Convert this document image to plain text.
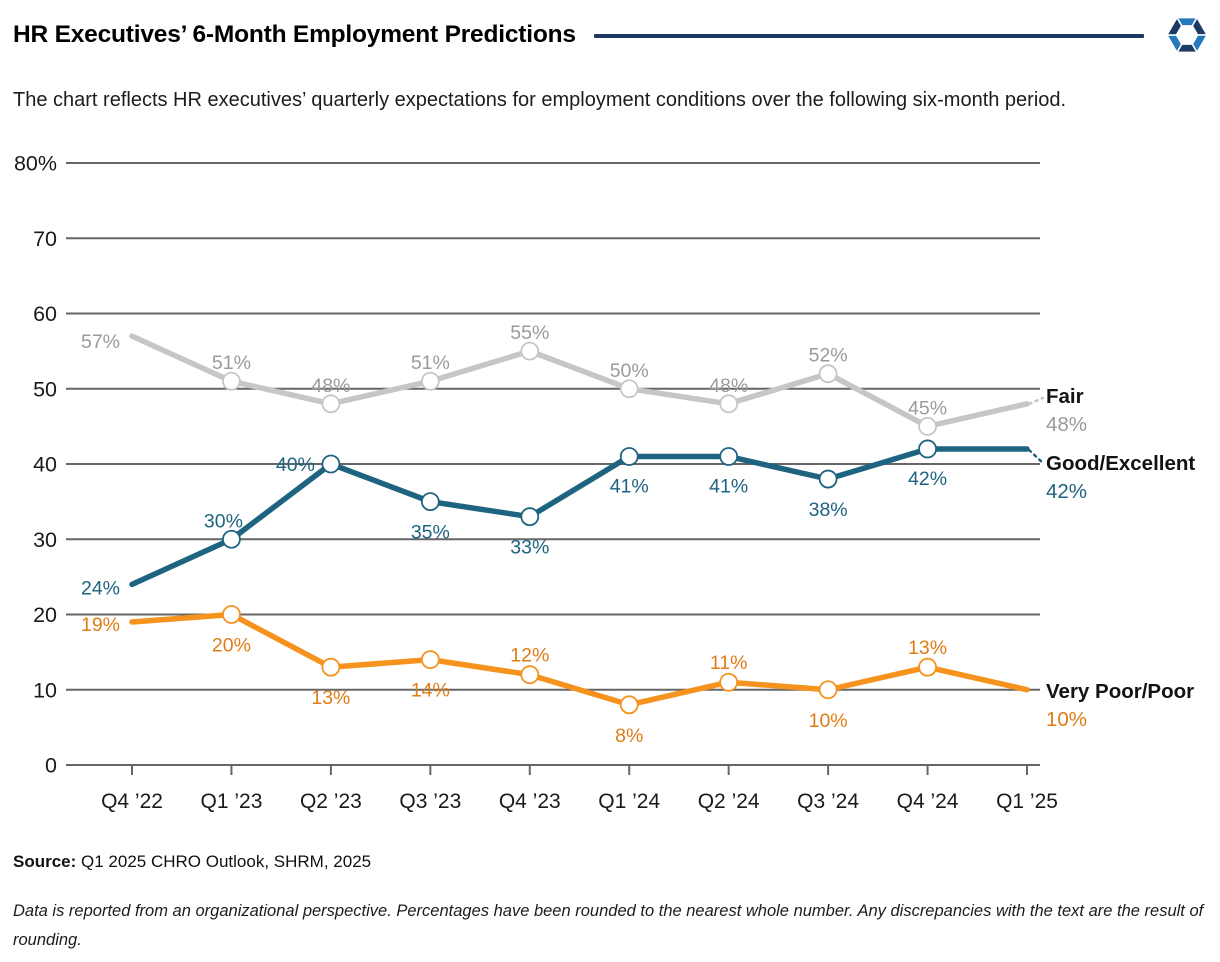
HR Executives’ 6-Month Employment Predictions
The chart reflects HR executives’ quarterly expectations for employment conditions over the following six-month period.
0
10
20
30
40
50
60
70
80%
Q4 ’22 Q1 ’23 Q2 ’23 Q3 ’23 Q4 ’23 Q1 ’24 Q2 ’24 Q3 ’24 Q4 ’24 Q1 ’25
57%
51%
48%
51%
55%
50%
48%
52%
45%
24%
30%
40%
35%
33%
41%	41%
38%
42%
19%
20%
13%	14%
12%
8%
11%
10%
13%
Fair
48%
Good/Excellent
42%
Very Poor/Poor
10%
Source: Q1 2025 CHRO Outlook, SHRM, 2025
Data is reported from an organizational perspective. Percentages have been rounded to the nearest whole number. Any discrepancies with the text are the result of rounding.
